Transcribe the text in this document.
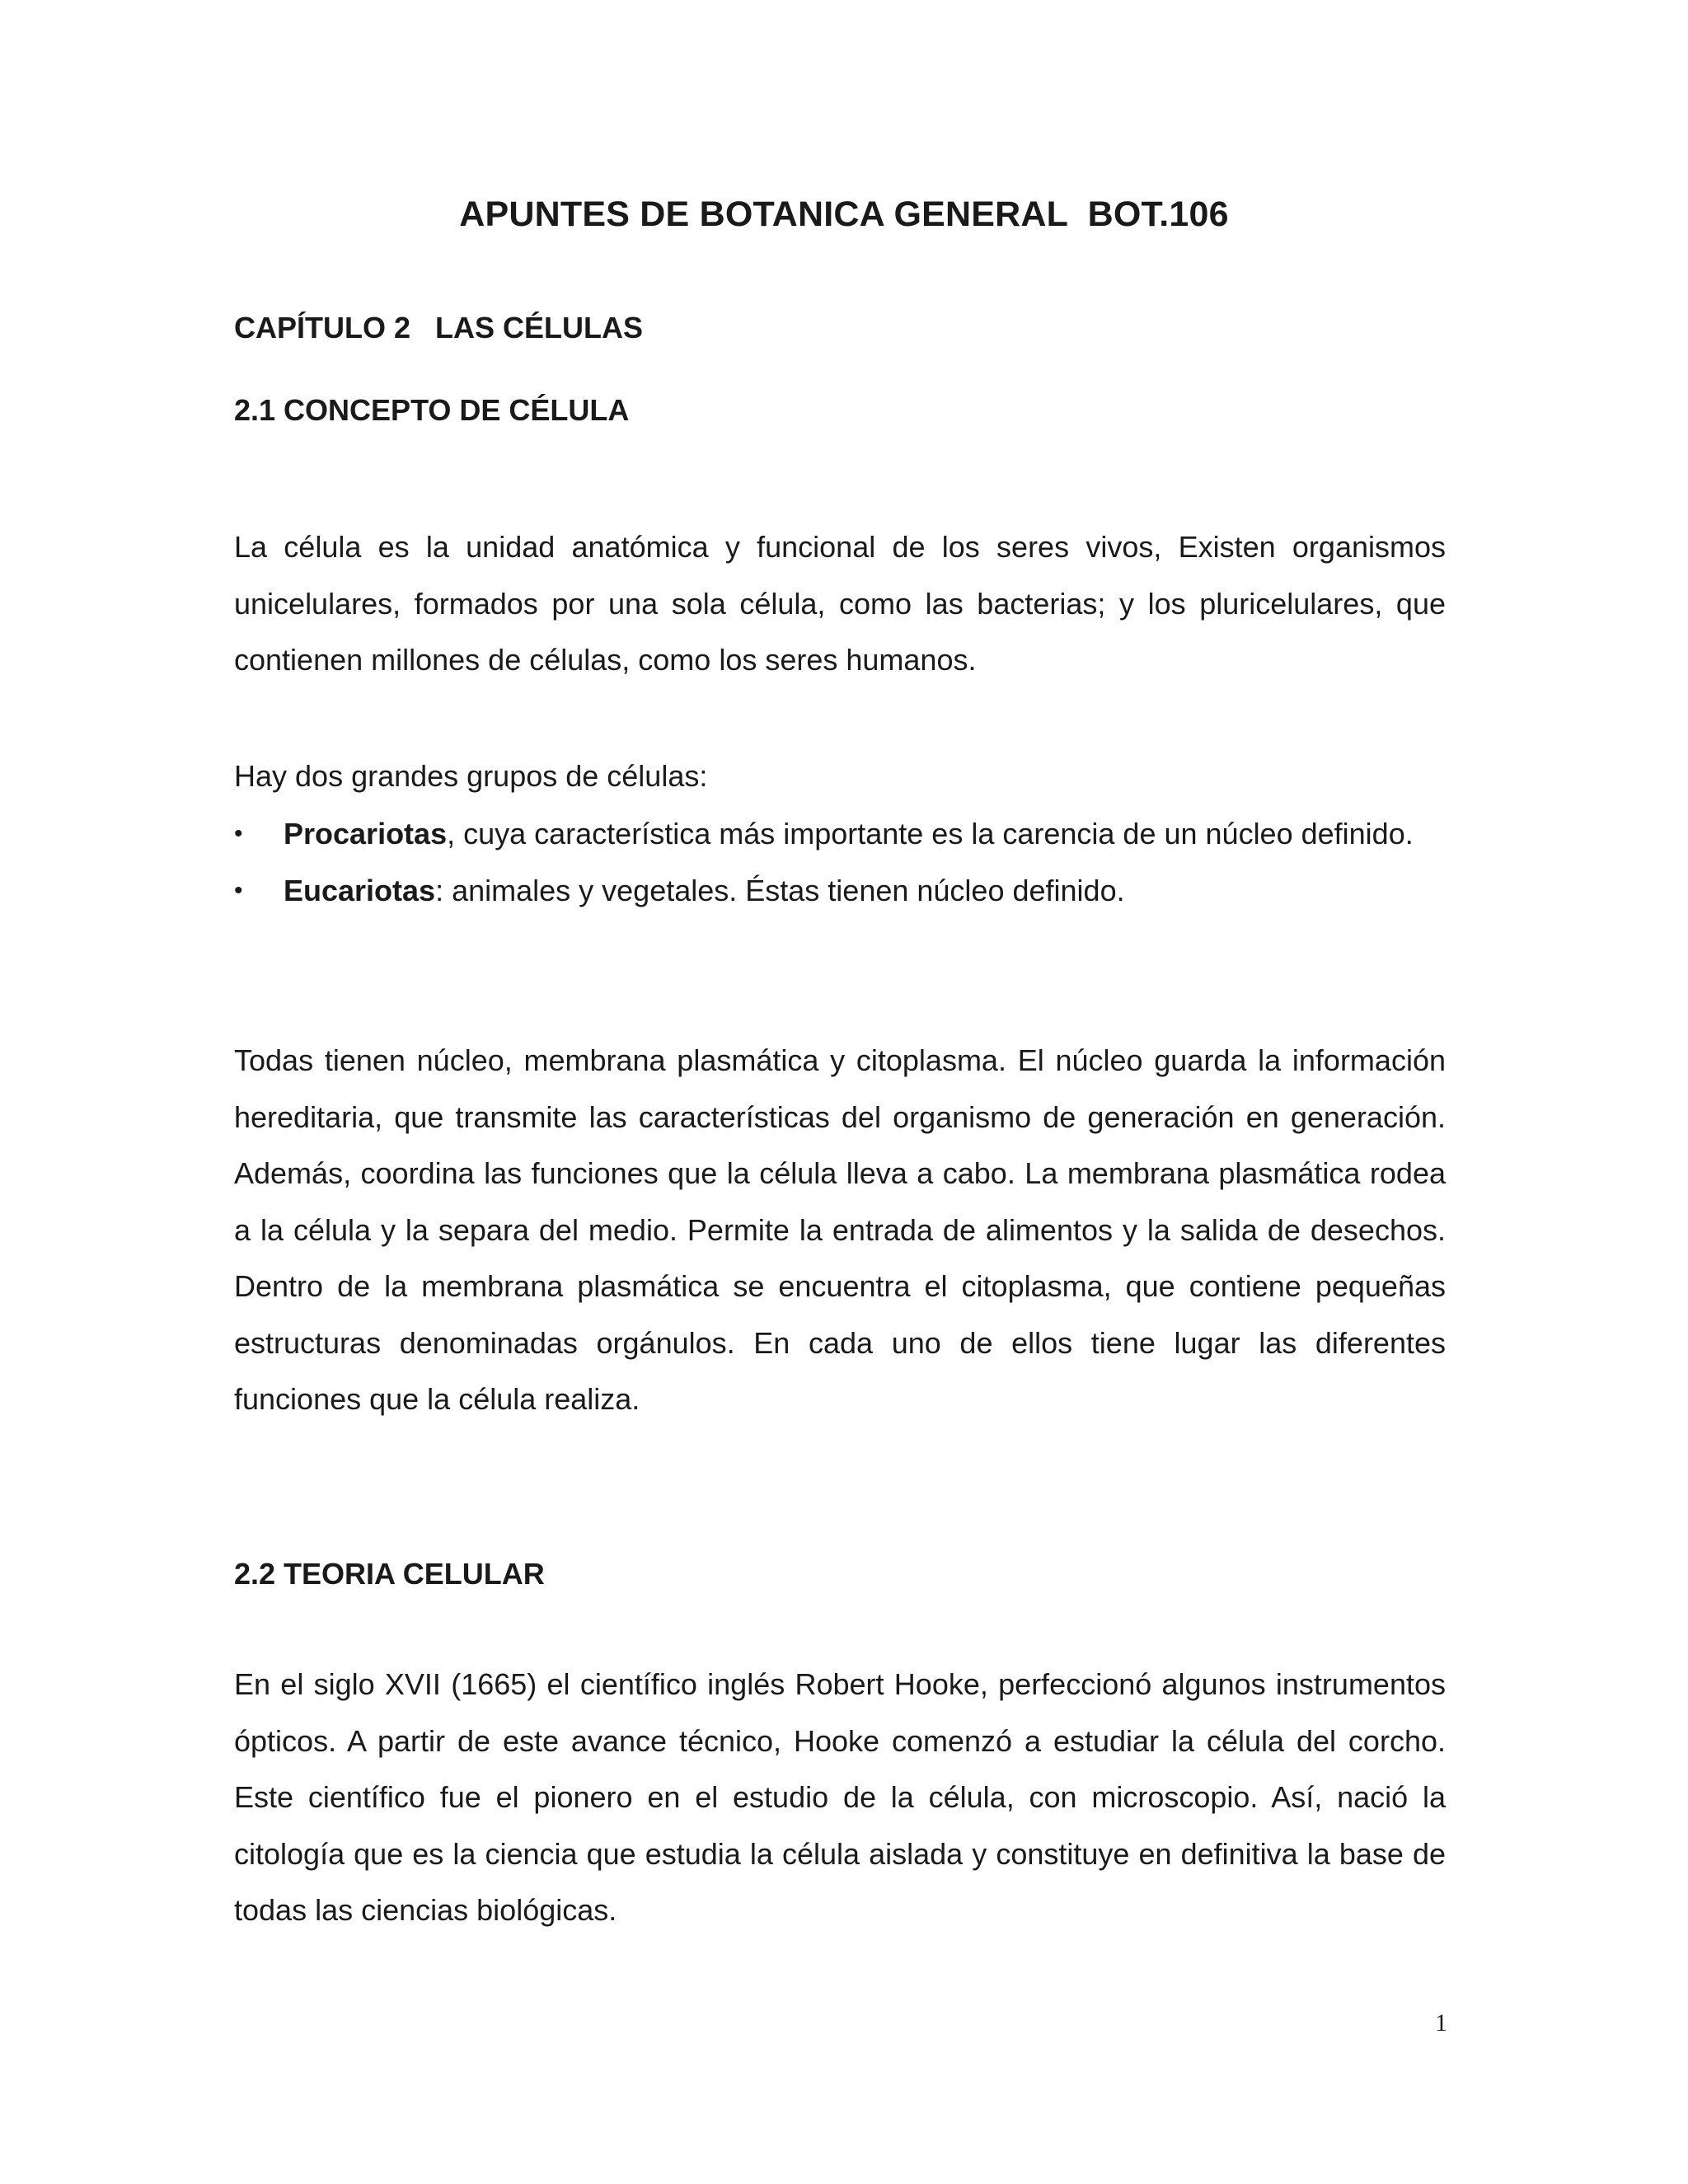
APUNTES DE BOTANICA GENERAL  BOT.106
CAPÍTULO 2   LAS CÉLULAS
2.1 CONCEPTO DE CÉLULA

La célula es la unidad anatómica y funcional de los seres vivos, Existen organismos unicelulares, formados por una sola célula, como las bacterias; y los pluricelulares, que contienen millones de células, como los seres humanos.

Hay dos grandes grupos de células:
•	Procariotas, cuya característica más importante es la carencia de un núcleo definido.
•	Eucariotas: animales y vegetales. Éstas tienen núcleo definido.

Todas tienen núcleo, membrana plasmática y citoplasma. El núcleo guarda la información hereditaria, que transmite las características del organismo de generación en generación. Además, coordina las funciones que la célula lleva a cabo. La membrana plasmática rodea a la célula y la separa del medio. Permite la entrada de alimentos y la salida de desechos. Dentro de la membrana plasmática se encuentra el citoplasma, que contiene pequeñas estructuras denominadas orgánulos. En cada uno de ellos tiene lugar las diferentes funciones que la célula realiza.

2.2 TEORIA CELULAR

En el siglo XVII (1665) el científico inglés Robert Hooke, perfeccionó algunos instrumentos ópticos. A partir de este avance técnico, Hooke comenzó a estudiar la célula del corcho. Este científico fue el pionero en el estudio de la célula, con microscopio. Así, nació la citología que es la ciencia que estudia la célula aislada y constituye en definitiva la base de todas las ciencias biológicas.

1
